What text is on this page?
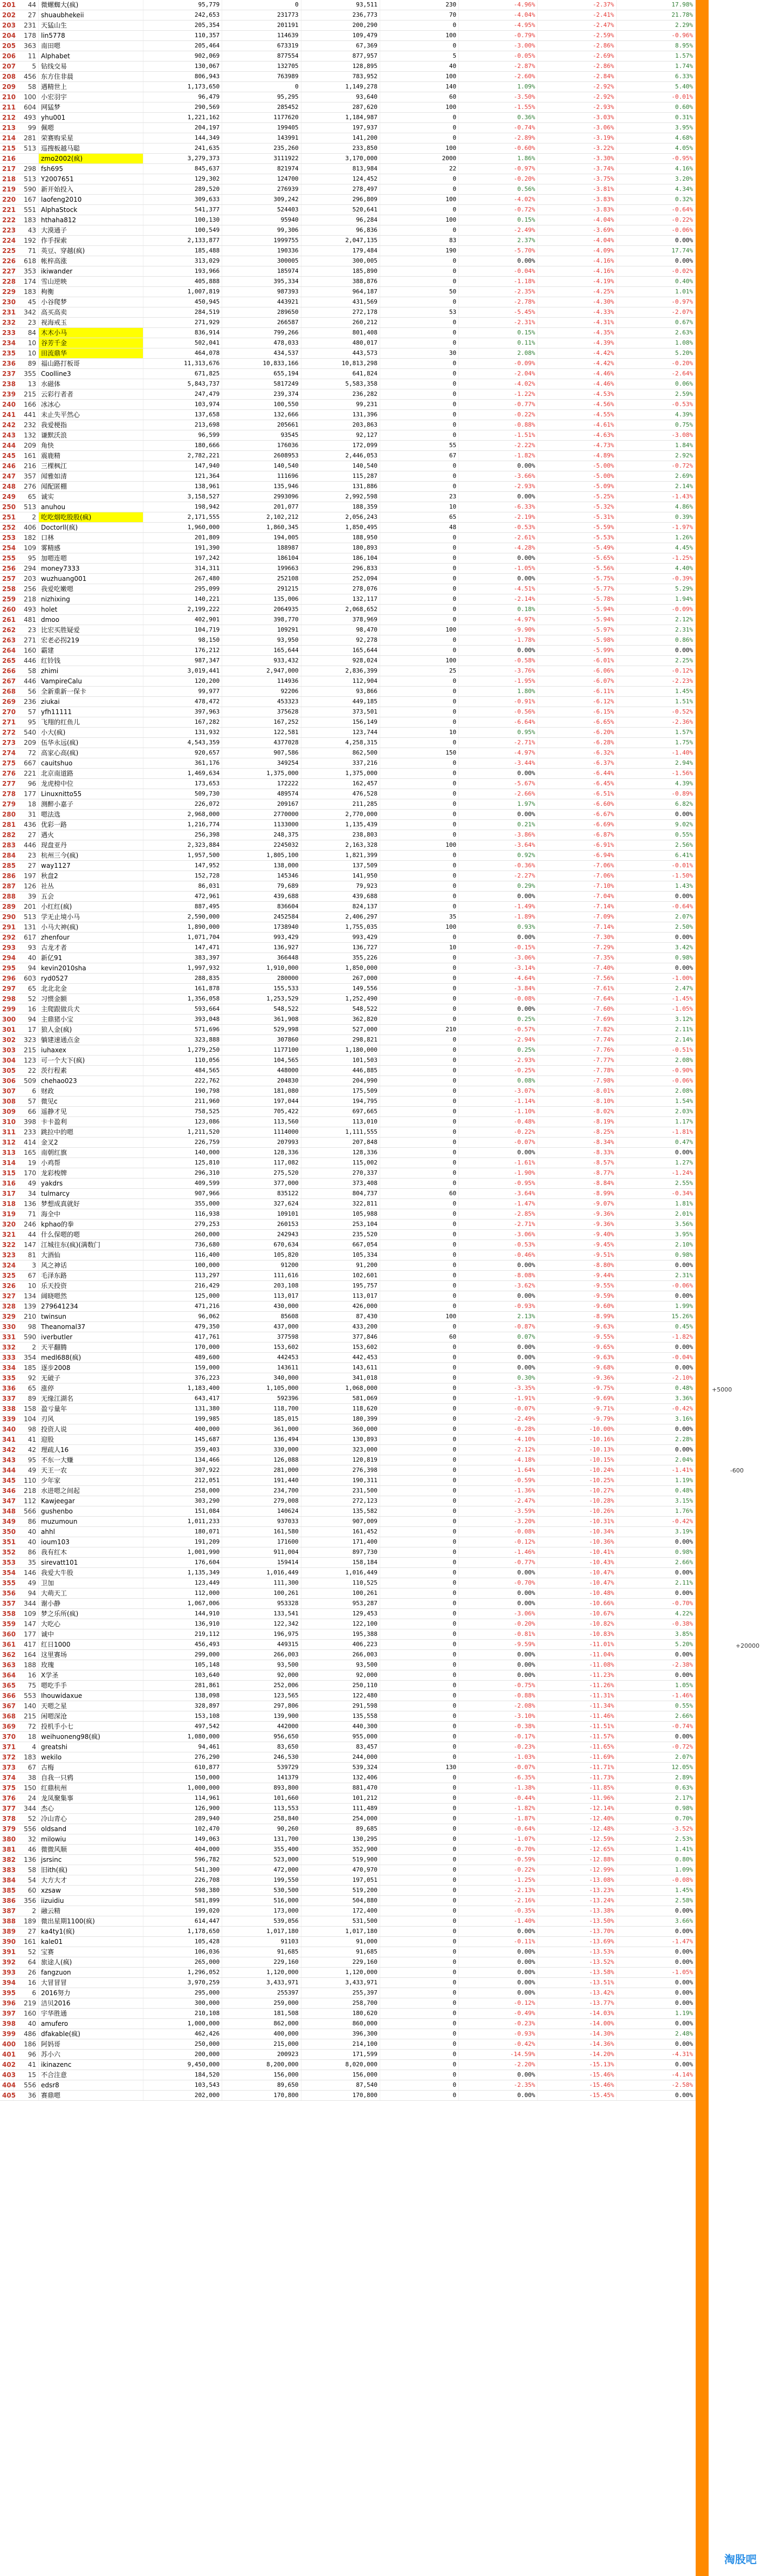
201	44	微螺蜘大(疯)	95,779	0	93,511	230	-4.96%	-2.37%	17.98%
202	27	shuaubhekeii	242,653	231773	236,773	70	-4.04%	-2.41%	21.78%
203	231	天猛山生	205,354	201191	200,290	0	-4.95%	-2.47%	2.29%
204	178	lin5778	110,357	114639	109,479	100	-0.79%	-2.59%	-0.96%
205	363	南田嗯	205,464	673319	67,369	0	-3.00%	-2.86%	8.95%
206	11	Alphabet	902,069	877554	877,957	5	-0.05%	-2.69%	1.57%
207	5	钻线交易	130,067	132705	128,895	40	-2.87%	-2.86%	1.74%
208	456	东方住非晨	806,943	763989	783,952	100	-2.60%	-2.84%	6.33%
209	58	遇精世上	1,173,650	0	1,149,278	140	1.09%	-2.92%	5.40%
210	100	小宏羽宇	96,479	95,295	93,640	60	-3.50%	-2.92%	-0.01%
211	604	网猛梦	290,569	285452	287,620	100	-1.55%	-2.93%	0.60%
212	493	yhu001	1,221,162	1177620	1,184,987	0	0.36%	-3.03%	0.31%
213	99	佩嗯	204,197	199405	197,937	0	-0.74%	-3.06%	3.95%
214	281	荣赛购采星	144,349	143991	141,200	0	-2.89%	-3.19%	4.68%
215	513	巡搜板越马聪	241,635	235,260	233,850	100	-0.60%	-3.22%	4.05%
216		zmo2002(疯)	3,279,373	3111922	3,170,000	2000	1.86%	-3.30%	-0.95%
217	298	fsh695	845,637	821974	813,984	22	-0.97%	-3.74%	4.16%
218	513	Y2007651	129,302	124700	124,452	0	-0.20%	-3.75%	3.20%
219	590	新开始投入	289,520	276939	278,497	0	0.56%	-3.81%	4.34%
220	167	laofeng2010	309,633	309,242	296,809	100	-4.02%	-3.83%	0.32%
221	551	AlphaStock	541,377	524403	520,641	0	-0.72%	-3.83%	-0.64%
222	183	hthaha812	100,130	95940	96,284	100	0.15%	-4.04%	-0.22%
223	43	大漠通子	100,549	99,306	96,836	0	-2.49%	-3.69%	-0.06%
224	192	作手探索	2,133,877	1999755	2,047,135	83	2.37%	-4.04%	0.00%
225	71	英豆、穿越(疯)	185,488	190336	179,484	190	-5.70%	-4.09%	17.74%
226	618	帐梓高涨	313,029	300005	300,005	0	0.00%	-4.16%	0.00%
227	353	ikiwander	193,966	185974	185,890	0	-0.04%	-4.16%	-0.02%
228	174	雪山逆映	405,888	395,334	388,876	0	-1.18%	-4.19%	0.40%
229	183	枸衡	1,007,819	987393	964,187	50	-2.35%	-4.25%	1.01%
230	45	小谷爬梦	450,945	443921	431,569	0	-2.78%	-4.30%	-0.97%
231	342	高买高卖	284,519	289650	272,178	53	-5.45%	-4.33%	-2.07%
232	23	视海戒玉	271,929	266587	260,212	0	-2.31%	-4.31%	0.67%
233	84	木木小马	836,914	799,266	801,408	0	0.15%	-4.35%	2.63%
234	10	谷芳千金	502,041	478,033	480,017	0	0.11%	-4.39%	1.08%
235	10	田流鼎华	464,078	434,537	443,573	30	2.08%	-4.42%	5.20%
236	89	福山路打板哥	11,313,676	10,833,166	10,813,298	0	-0.09%	-4.42%	-0.20%
237	355	Coolline3	671,825	655,194	641,824	0	-2.04%	-4.46%	-2.64%
238	13	水磁体	5,843,737	5817249	5,583,358	0	-4.02%	-4.46%	0.06%
239	215	云彩行者者	247,479	239,374	236,282	0	-1.22%	-4.53%	2.59%
240	166	冰冰心	103,974	100,550	99,231	0	-0.77%	-4.56%	-0.53%
241	441	未止失平然心	137,658	132,666	131,396	0	-0.22%	-4.55%	4.39%
242	232	我爱梗指	213,698	205661	203,863	0	-0.88%	-4.61%	0.75%
243	132	谦默沃浪	96,599	93545	92,127	0	-1.51%	-4.63%	-3.08%
244	209	角快	180,666	176036	172,099	55	-2.22%	-4.73%	1.84%
245	161	震鹿精	2,782,221	2608953	2,446,053	67	-1.82%	-4.89%	2.92%
246	216	三棵枫江	147,940	140,540	140,540	0	0.00%	-5.00%	-0.72%
247	357	闻雅如清	121,364	111696	115,287	0	-3.66%	-5.00%	2.69%
248	276	闻配匿棚	138,961	135,946	131,886	0	-2.93%	-5.09%	2.14%
249	65	诚实	3,158,527	2993096	2,992,598	23	0.00%	-5.25%	-1.43%
250	513	anuhou	198,942	201,077	188,359	10	-6.33%	-5.32%	4.86%
251	2	吃吃烟吃股股(疯)	2,171,555	2,102,212	2,056,243	65	-2.19%	-5.31%	0.39%
252	406	Doctorll(疯)	1,960,000	1,860,345	1,850,495	48	-0.53%	-5.59%	-1.97%
253	182	口林	201,809	194,005	188,950	0	-2.61%	-5.53%	1.26%
254	109	雾精感	191,390	188987	180,893	0	-4.28%	-5.49%	4.45%
255	95	加嗯连嗯	197,242	186104	186,104	0	0.00%	-5.65%	-1.25%
256	294	money7333	314,311	199663	296,833	0	-1.05%	-5.56%	4.40%
257	203	wuzhuang001	267,480	252108	252,094	0	0.00%	-5.75%	-0.39%
258	256	我爱吃嫩嗯	295,099	291215	278,076	0	-4.51%	-5.77%	5.29%
259	218	nizhixing	140,221	135,006	132,117	0	-2.14%	-5.78%	1.94%
260	493	holet	2,199,222	2064935	2,068,652	0	0.18%	-5.94%	-0.09%
261	481	dmoo	402,901	398,770	378,969	0	-4.97%	-5.94%	2.12%
262	23	比宏买胜疑爱	104,719	109291	98,470	100	-9.90%	-5.97%	2.31%
263	271	宏老必拐219	98,150	93,950	92,278	0	-1.78%	-5.98%	0.86%
264	160	霸建	176,212	165,644	165,644	0	0.00%	-5.99%	0.00%
265	446	红铃钱	987,347	933,432	928,024	100	-0.58%	-6.01%	2.25%
266	58	zhimi	3,019,441	2,947,000	2,836,399	25	-3.76%	-6.06%	-0.12%
267	446	VampireCalu	120,200	114936	112,904	0	-1.95%	-6.07%	-2.23%
268	56	全新重新一保卡	99,977	92206	93,866	0	1.80%	-6.11%	1.45%
269	236	ziukai	478,472	453323	449,185	0	-0.91%	-6.12%	1.51%
270	57	yfh11111	397,963	375628	373,501	0	-0.56%	-6.15%	-0.52%
271	95	飞翔的红鱼儿	167,282	167,252	156,149	0	-6.64%	-6.65%	-2.36%
272	540	小大(疯)	131,932	122,581	123,744	10	0.95%	-6.20%	1.57%
273	209	伍华永远(疯)	4,543,359	4377028	4,258,315	0	-2.71%	-6.28%	1.75%
274	72	高家心高(疯)	920,657	907,586	862,500	150	-4.97%	-6.32%	-1.40%
275	667	cauitshuo	361,176	349254	337,216	0	-3.44%	-6.37%	2.94%
276	221	北京南道路	1,469,634	1,375,000	1,375,000	0	0.00%	-6.44%	-1.56%
277	96	龙虎榜中位	173,653	172222	162,457	0	-5.67%	-6.45%	4.39%
278	177	Linuxnitto55	509,730	489574	476,528	0	-2.66%	-6.51%	-0.89%
279	18	测醉小嘉子	226,072	209167	211,285	0	1.97%	-6.60%	6.82%
280	31	嗯法选	2,968,000	2770000	2,770,000	0	0.00%	-6.67%	0.00%
281	436	优彩一路	1,216,774	1133000	1,135,439	0	0.21%	-6.69%	9.02%
282	27	遇火	256,398	248,375	238,803	0	-3.86%	-6.87%	0.55%
283	446	现盘亚丹	2,323,884	2245032	2,163,328	100	-3.64%	-6.91%	2.56%
284	23	杭州三今(疯)	1,957,500	1,805,100	1,821,399	0	0.92%	-6.94%	6.41%
285	27	way1127	147,952	138,000	137,509	0	-0.36%	-7.06%	-0.01%
286	197	秋盘2	152,728	145346	141,950	0	-2.27%	-7.06%	-1.50%
287	126	社丛	86,031	79,689	79,923	0	0.29%	-7.10%	1.43%
288	39	五会	472,961	439,688	439,688	0	0.00%	-7.04%	0.00%
289	201	小红红(疯)	887,495	836604	824,137	0	-1.49%	-7.14%	-0.64%
290	513	学无止境小马	2,590,000	2452584	2,406,297	35	-1.89%	-7.09%	2.07%
291	131	小马大神(疯)	1,890,000	1738940	1,755,035	100	0.93%	-7.14%	2.50%
292	617	zhenfour	1,071,704	993,429	993,429	0	0.00%	-7.30%	0.00%
293	93	古龙才者	147,471	136,927	136,727	10	-0.15%	-7.29%	3.42%
294	40	新亿91	383,397	366448	355,226	0	-3.06%	-7.35%	0.98%
295	94	kevin2010sha	1,997,932	1,910,000	1,850,000	0	-3.14%	-7.40%	0.00%
296	603	ryd0527	288,835	280000	267,000	0	-4.64%	-7.56%	-1.00%
297	65	北北北金	161,878	155,533	149,556	0	-3.84%	-7.61%	2.47%
298	52	习惯金额	1,356,058	1,253,529	1,252,490	0	-0.08%	-7.64%	-1.45%
299	16	主爬跟做兵犬	593,664	548,522	548,522	0	0.00%	-7.60%	-1.05%
300	94	主鼎猪小宝	393,048	361,908	362,820	0	0.25%	-7.69%	3.12%
301	17	狼人金(疯)	571,696	529,998	527,000	210	-0.57%	-7.82%	2.11%
302	323	躺建速通点金	323,888	307860	298,821	0	-2.94%	-7.74%	2.14%
303	215	iuhaxex	1,279,250	1177100	1,180,000	0	0.25%	-7.76%	-0.51%
304	123	可一个大下(疯)	110,056	104,565	101,503	0	-2.93%	-7.77%	2.08%
305	22	茨行程素	484,565	448000	446,885	0	-0.25%	-7.78%	-0.90%
306	509	chehao023	222,762	204830	204,990	0	0.08%	-7.98%	-0.06%
307	6	财政	190,798	181,080	175,509	0	-3.07%	-8.01%	2.08%
308	57	微见c	211,960	197,044	194,795	0	-1.14%	-8.10%	1.54%
309	66	遥静才见	758,525	705,422	697,665	0	-1.10%	-8.02%	2.03%
310	398	卡卡盈利	123,086	113,560	113,010	0	-0.48%	-8.19%	1.17%
311	233	跳拉中的嗯	1,211,520	1114000	1,111,555	0	-0.22%	-8.25%	-1.81%
312	414	金叉2	226,759	207993	207,848	0	-0.07%	-8.34%	0.47%
313	165	南朝红旗	140,000	128,336	128,336	0	0.00%	-8.33%	0.00%
314	19	小鸡帮	125,810	117,082	115,002	0	-1.61%	-8.57%	1.27%
315	170	龙彩梭牌	296,310	275,520	270,337	0	-1.90%	-8.77%	-1.24%
316	49	yakdrs	409,599	377,000	373,408	0	-0.95%	-8.84%	2.55%
317	34	tulmarcy	907,966	835122	804,737	60	-3.64%	-8.99%	-0.34%
318	136	梦想成真就好	355,000	327,624	322,811	0	-1.47%	-9.07%	1.81%
319	71	海全中	116,938	109101	105,988	0	-2.85%	-9.36%	2.01%
320	246	kphao的拳	279,253	260153	253,104	0	-2.71%	-9.36%	3.56%
321	44	什么保嗯的嗯	260,000	242943	235,520	0	-3.06%	-9.40%	3.95%
322	147	江城往东(疯)(满数门	736,680	670,634	667,054	0	-0.53%	-9.45%	2.10%
323	81	大酒仙	116,400	105,820	105,334	0	-0.46%	-9.51%	0.98%
324	3	风之神话	100,000	91200	91,200	0	0.00%	-8.80%	0.00%
325	67	毛泽东路	113,297	111,616	102,601	0	-8.08%	-9.44%	2.31%
326	10	乐天投资	216,429	203,108	195,757	0	-3.62%	-9.55%	-0.06%
327	134	阔晓嗯然	125,000	113,017	113,017	0	0.00%	-9.59%	0.00%
328	139	279641234	471,216	430,000	426,000	0	-0.93%	-9.60%	1.99%
329	210	twinsun	96,062	85608	87,430	100	2.13%	-8.99%	15.26%
330	98	Theanomal37	479,350	437,000	433,200	0	-0.87%	-9.63%	0.45%
331	590	iverbutler	417,761	377598	377,846	60	0.07%	-9.55%	-1.82%
332	2	天平翻腾	170,000	153,602	153,602	0	0.00%	-9.65%	0.00%
333	354	medl688(疯)	489,600	442453	442,453	0	0.00%	-9.63%	-0.04%
334	185	逐步2008	159,000	143611	143,611	0	0.00%	-9.68%	0.00%
335	92	无破子	376,223	340,000	341,018	0	0.30%	-9.36%	-2.10%
336	65	涨停	1,183,400	1,105,000	1,068,000	0	-3.35%	-9.75%	0.48%
337	89	无缘江湖名	643,417	592396	581,069	0	-1.91%	-9.69%	3.36%
338	158	盈亏量年	131,380	118,700	118,620	0	-0.07%	-9.71%	-0.42%
339	104	刃风	199,985	185,015	180,399	0	-2.49%	-9.79%	3.16%
340	98	投资人说	400,000	361,000	360,000	0	-0.28%	-10.00%	0.00%
341	41	迎股	145,687	136,494	130,893	0	-4.10%	-10.16%	2.28%
342	42	理疏人16	359,403	330,000	323,000	0	-2.12%	-10.13%	0.00%
343	95	不东一大赚	134,466	126,088	120,819	0	-4.18%	-10.15%	2.04%
344	49	天王一农	307,922	281,000	276,398	0	-1.64%	-10.24%	-1.41%
345	110	少年家	212,051	191,440	190,311	0	-0.59%	-10.25%	1.19%
346	218	水进嗯之间起	258,000	234,700	231,500	0	-1.36%	-10.27%	0.48%
347	112	Kawjeegar	303,290	279,008	272,123	0	-2.47%	-10.28%	3.15%
348	566	gushenbo	151,084	140624	135,582	0	-3.59%	-10.26%	1.76%
349	86	muzumoun	1,011,233	937033	907,009	0	-3.20%	-10.31%	-0.42%
350	40	ahhl	180,071	161,580	161,452	0	-0.08%	-10.34%	3.19%
351	40	ioum103	191,209	171600	171,400	0	-0.12%	-10.36%	0.00%
352	86	我有红木	1,001,990	911,004	897,730	0	-1.46%	-10.41%	0.98%
353	35	sirevatt101	176,604	159414	158,184	0	-0.77%	-10.43%	2.66%
354	146	我爱大牛股	1,135,349	1,016,449	1,016,449	0	0.00%	-10.47%	0.00%
355	49	卫加	123,449	111,300	110,525	0	-0.70%	-10.47%	2.11%
356	94	大萌天工	112,000	100,261	100,261	0	0.00%	-10.48%	0.00%
357	344	谢小静	1,067,006	953328	953,287	0	0.00%	-10.66%	-0.70%
358	109	梦之乐所(疯)	144,910	133,541	129,453	0	-3.06%	-10.67%	4.22%
359	147	大吃心	136,910	122,342	122,100	0	-0.20%	-10.82%	-0.38%
360	177	诚中	219,112	196,975	195,388	0	-0.81%	-10.83%	3.85%
361	417	红日1000	456,493	449315	406,223	0	-9.59%	-11.01%	5.20%
362	164	这里赛场	299,000	266,003	266,003	0	0.00%	-11.04%	0.00%
363	188	玫瑰	105,148	93,500	93,500	0	0.00%	-11.08%	-2.38%
364	16	X学圣	103,640	92,000	92,000	0	0.00%	-11.23%	0.00%
365	75	嗯吃手手	281,861	252,006	250,110	0	-0.75%	-11.26%	1.05%
366	553	Ihouwidaxue	138,098	123,565	122,480	0	-0.88%	-11.31%	-1.46%
367	140	天嗯之星	328,897	297,806	291,598	0	-2.08%	-11.34%	0.55%
368	215	闲嗯深沧	153,108	139,900	135,558	0	-3.10%	-11.46%	2.66%
369	72	投机手小七	497,542	442000	440,300	0	-0.38%	-11.51%	-0.74%
370	18	weihuoneng98(疯)	1,080,000	956,650	955,000	0	-0.17%	-11.57%	0.00%
371	4	greatshi	94,461	83,650	83,457	0	-0.23%	-11.65%	-0.72%
372	183	wekilo	276,290	246,530	244,000	0	-1.03%	-11.69%	2.07%
373	67	古梅	610,877	539729	539,324	130	-0.07%	-11.71%	12.05%
374	38	自我一只鸦	150,000	141379	132,406	0	-6.35%	-11.73%	2.89%
375	150	红鼎杭州	1,000,000	893,800	881,470	0	-1.38%	-11.85%	0.63%
376	24	龙凤聚集事	114,961	101,660	101,212	0	-0.44%	-11.96%	2.17%
377	344	杰心	126,900	113,553	111,489	0	-1.82%	-12.14%	0.98%
378	52	冷山青心	289,940	258,840	254,000	0	-1.87%	-12.40%	0.70%
379	556	oldsand	102,470	90,260	89,685	0	-0.64%	-12.48%	-3.52%
380	32	milowiu	149,063	131,700	130,295	0	-1.07%	-12.59%	2.53%
381	46	微微风顺	404,000	355,400	352,900	0	-0.70%	-12.65%	1.41%
382	136	jsrsinc	596,782	523,000	519,900	0	-0.59%	-12.88%	0.80%
383	58	旧ith(疯)	541,300	472,000	470,970	0	-0.22%	-12.99%	1.09%
384	54	大方大才	226,708	199,550	197,051	0	-1.25%	-13.08%	-0.08%
385	60	xzsaw	598,380	530,500	519,200	0	-2.13%	-13.23%	1.45%
386	356	iizuidiu	581,899	516,000	504,880	0	-2.16%	-13.24%	2.58%
387	2	融云精	199,020	173,000	172,400	0	-0.35%	-13.38%	0.00%
388	189	微出星期1100(疯)	614,447	539,056	531,500	0	-1.40%	-13.50%	3.66%
389	27	ka4ty1(疯)	1,178,650	1,017,180	1,017,180	0	0.00%	-13.70%	0.00%
390	161	kale01	105,428	91103	91,000	0	-0.11%	-13.69%	-1.47%
391	52	宝赛	106,036	91,685	91,685	0	0.00%	-13.53%	0.00%
392	64	旅途人(疯)	265,000	229,160	229,160	0	0.00%	-13.52%	0.00%
393	26	fangzuon	1,296,052	1,120,000	1,120,000	0	0.00%	-13.58%	-1.05%
394	16	大冒冒冒	3,970,259	3,433,971	3,433,971	0	0.00%	-13.51%	0.00%
395	6	2016努力	295,000	255397	255,397	0	0.00%	-13.42%	0.00%
396	219	洁贝2016	300,000	259,000	258,700	0	-0.12%	-13.77%	0.00%
397	160	宇华胜通	210,108	181,508	180,620	0	-0.49%	-14.03%	1.19%
398	40	amufero	1,000,000	862,000	860,000	0	-0.23%	-14.00%	0.00%
399	486	dfakable(疯)	462,426	400,000	396,300	0	-0.93%	-14.30%	2.48%
400	186	阿妈哥	250,000	215,000	214,100	0	-0.42%	-14.36%	0.00%
401	96	苏小六	200,000	200923	171,599	0	-14.59%	-14.20%	-4.31%
402	41	ikinazenc	9,450,000	8,200,000	8,020,000	0	-2.20%	-15.13%	0.00%
403	15	不合注意	184,520	156,000	156,000	0	0.00%	-15.46%	-4.14%
404	556	edsr8	103,543	89,650	87,540	0	-2.35%	-15.46%	-2.58%
405	36	赛鼎嗯	202,000	170,800	170,800	0	0.00%	-15.45%	0.00%
+5000
-600
+20000
淘股吧
